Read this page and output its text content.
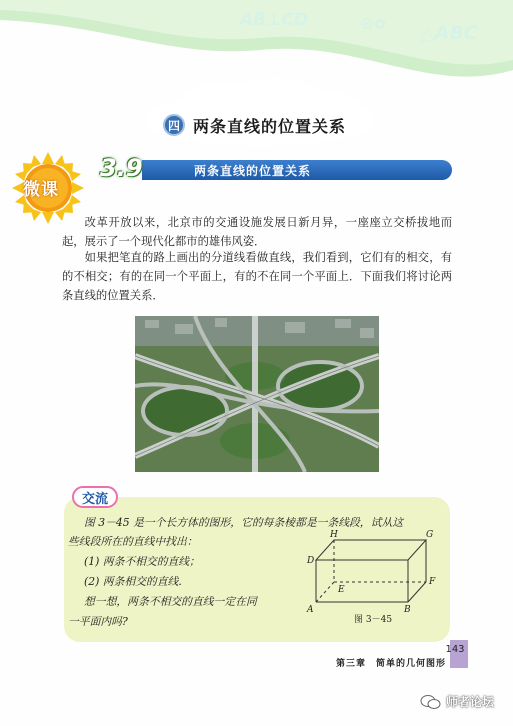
AB⊥CD	⊙o △ABC
四 两条直线的位置关系
3.9	两条直线的位置关系
微课

改革开放以来，北京市的交通设施发展日新月异，一座座立交桥拔地而起，展示了一个现代化都市的雄伟风姿．

如果把笔直的路上画出的分道线看做直线，我们看到，它们有的相交，有的不相交；有的在同一个平面上，有的不在同一个平面上．下面我们将讨论两条直线的位置关系．

交流
图 3－45 是一个长方体的图形，它的每条棱都是一条线段，试从这
些线段所在的直线中找出：
(1) 两条不相交的直线；
(2) 两条相交的直线．
想一想，两条不相交的直线一定在同
一平面内吗?
H	G
D
F
E
A	B
图 3－45
第三章　简单的几何图形
143
师者论坛
